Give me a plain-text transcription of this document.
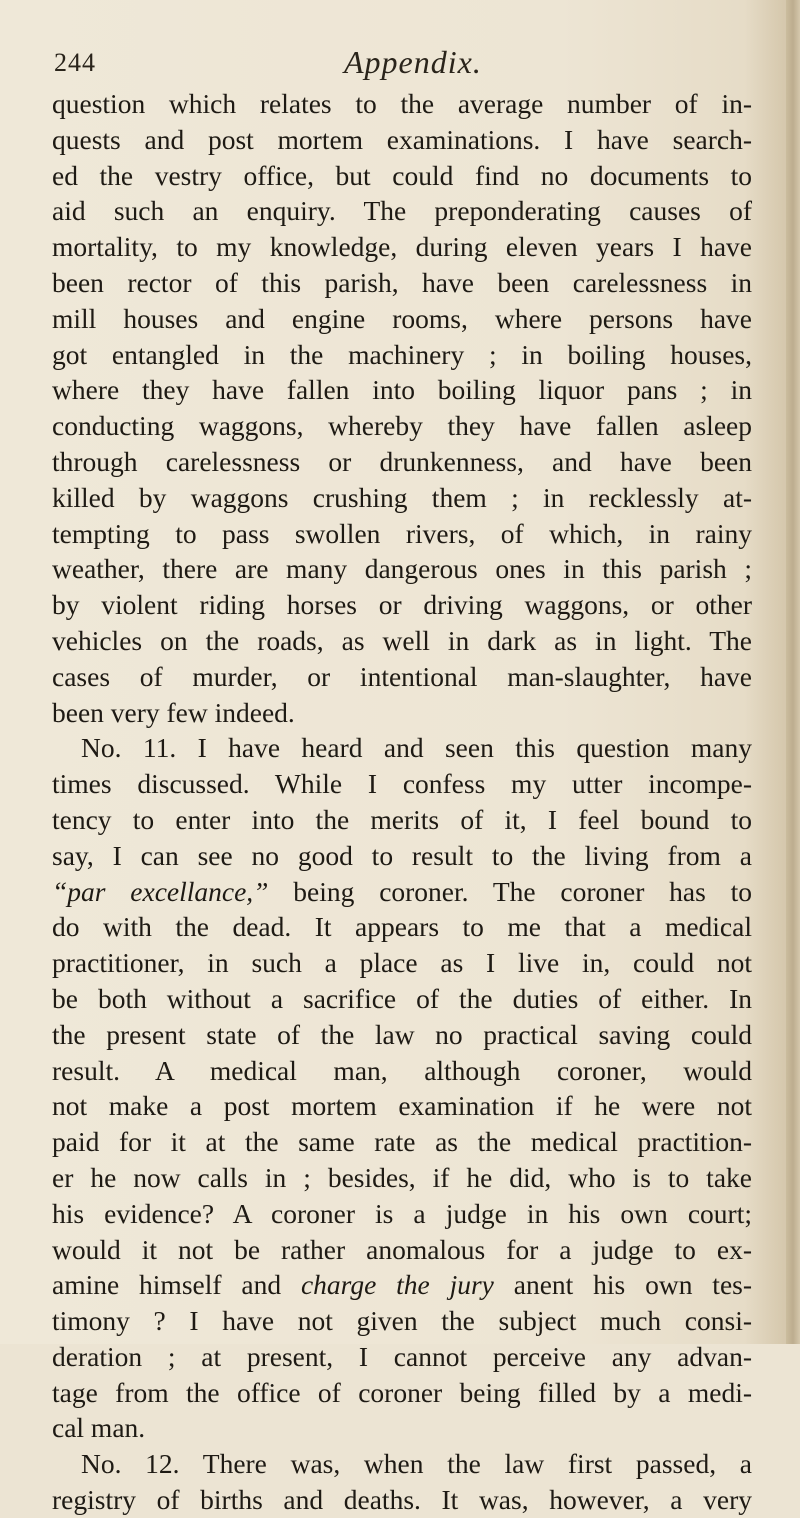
244	Appendix.
question which relates to the average number of in-
quests and post mortem examinations. I have search-
ed the vestry office, but could find no documents to
aid such an enquiry. The preponderating causes of
mortality, to my knowledge, during eleven years I have
been rector of this parish, have been carelessness in
mill houses and engine rooms, where persons have
got entangled in the machinery ; in boiling houses,
where they have fallen into boiling liquor pans ; in
conducting waggons, whereby they have fallen asleep
through carelessness or drunkenness, and have been
killed by waggons crushing them ; in recklessly at-
tempting to pass swollen rivers, of which, in rainy
weather, there are many dangerous ones in this parish ;
by violent riding horses or driving waggons, or other
vehicles on the roads, as well in dark as in light. The
cases of murder, or intentional man-slaughter, have
been very few indeed.
No. 11. I have heard and seen this question many
times discussed. While I confess my utter incompe-
tency to enter into the merits of it, I feel bound to
say, I can see no good to result to the living from a
“par excellance,” being coroner. The coroner has to
do with the dead. It appears to me that a medical
practitioner, in such a place as I live in, could not
be both without a sacrifice of the duties of either. In
the present state of the law no practical saving could
result. A medical man, although coroner, would
not make a post mortem examination if he were not
paid for it at the same rate as the medical practition-
er he now calls in ; besides, if he did, who is to take
his evidence? A coroner is a judge in his own court;
would it not be rather anomalous for a judge to ex-
amine himself and charge the jury anent his own tes-
timony ? I have not given the subject much consi-
deration ; at present, I cannot perceive any advan-
tage from the office of coroner being filled by a medi-
cal man.
No. 12. There was, when the law first passed, a
registry of births and deaths. It was, however, a very
